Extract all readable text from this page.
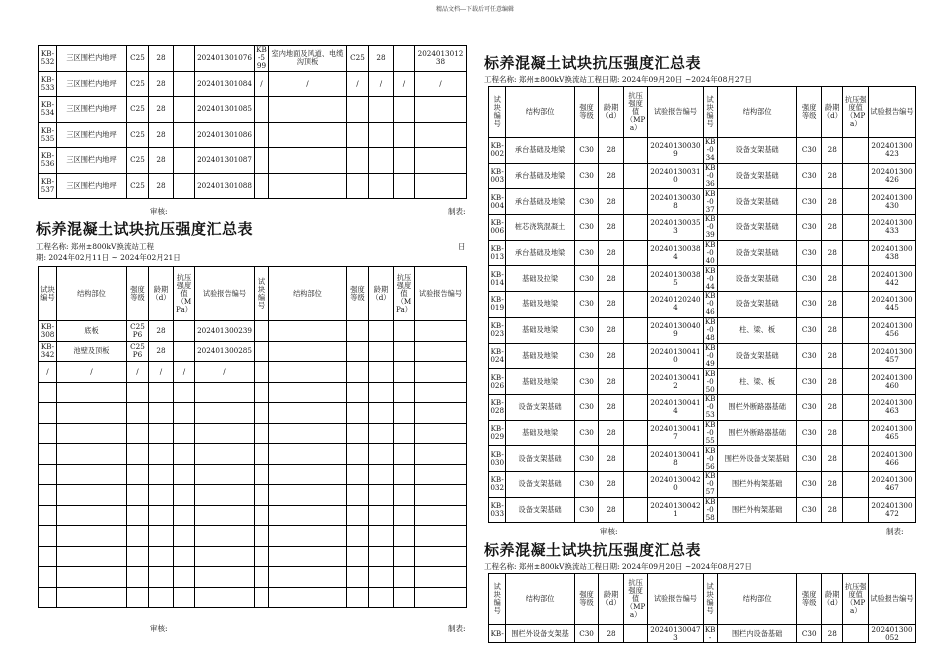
精品文档---下载后可任意编辑
KB-532	三区围栏内地坪	C25	28		202401301076	KB-599	室内地面及风道、电缆沟顶板	C25	28		202401301238
KB-533	三区围栏内地坪	C25	28		202401301084	/	/	/	/	/	/
KB-534	三区围栏内地坪	C25	28		202401301085						
KB-535	三区围栏内地坪	C25	28		202401301086						
KB-536	三区围栏内地坪	C25	28		202401301087						
KB-537	三区围栏内地坪	C25	28		202401301088						
审核:	制表:
标养混凝土试块抗压强度汇总表
工程名称: 郑州±800kV换流站工程	日
期: 2024年02月11日 ~ 2024年02月21日
试块编号	结构部位	强度等级	龄期（d）	抗压强度值（MPa）	试验报告编号	试块编号	结构部位	强度等级	龄期（d）	抗压强度值（MPa）	试验报告编号
KB-308	底板	C25P6	28		202401300239						
KB-342	池壁及顶板	C25P6	28		202401300285						
/	/	/	/	/	/						

审核:	制表:
标养混凝土试块抗压强度汇总表
工程名称: 郑州±800kV换流站工程日期: 2024年09月20日 ~2024年08月27日
试块编号	结构部位	强度等级	龄期（d）	抗压强度值（MPa）	试验报告编号	试块编号	结构部位	强度等级	龄期（d）	抗压强度值（MPa）	试验报告编号
KB-002	承台基础及地梁	C30	28		202401300309	KB-034	设备支架基础	C30	28		202401300423
KB-003	承台基础及地梁	C30	28		202401300310	KB-036	设备支架基础	C30	28		202401300426
KB-004	承台基础及地梁	C30	28		202401300308	KB-037	设备支架基础	C30	28		202401300430
KB-006	桩芯浇筑混凝土	C30	28		202401300353	KB-039	设备支架基础	C30	28		202401300433
KB-013	承台基础及地梁	C30	28		202401300384	KB-040	设备支架基础	C30	28		202401300438
KB-014	基础及拉梁	C30	28		202401300385	KB-044	设备支架基础	C30	28		202401300442
KB-019	基础及地梁	C30	28		202401202404	KB-046	设备支架基础	C30	28		202401300445
KB-023	基础及地梁	C30	28		202401300409	KB-048	柱、梁、板	C30	28		202401300456
KB-024	基础及地梁	C30	28		202401300410	KB-049	设备支架基础	C30	28		202401300457
KB-026	基础及地梁	C30	28		202401300412	KB-050	柱、梁、板	C30	28		202401300460
KB-028	设备支架基础	C30	28		202401300414	KB-053	围栏外断路器基础	C30	28		202401300463
KB-029	基础及地梁	C30	28		202401300417	KB-055	围栏外断路器基础	C30	28		202401300465
KB-030	设备支架基础	C30	28		202401300418	KB-056	围栏外设备支架基础	C30	28		202401300466
KB-032	设备支架基础	C30	28		202401300420	KB-057	围栏外构架基础	C30	28		202401300467
KB-033	设备支架基础	C30	28		202401300421	KB-058	围栏外构架基础	C30	28		202401300472
审核:	制表:
标养混凝土试块抗压强度汇总表
工程名称: 郑州±800kV换流站工程日期: 2024年09月20日 ~2024年08月27日
试块编号	结构部位	强度等级	龄期（d）	抗压强度值（MPa）	试验报告编号	试块编号	结构部位	强度等级	龄期（d）	抗压强度值（MPa）	试验报告编号
KB-	围栏外设备支架基	C30	28		202401300473	KB-	围栏内设备基础	C30	28		202401300052
